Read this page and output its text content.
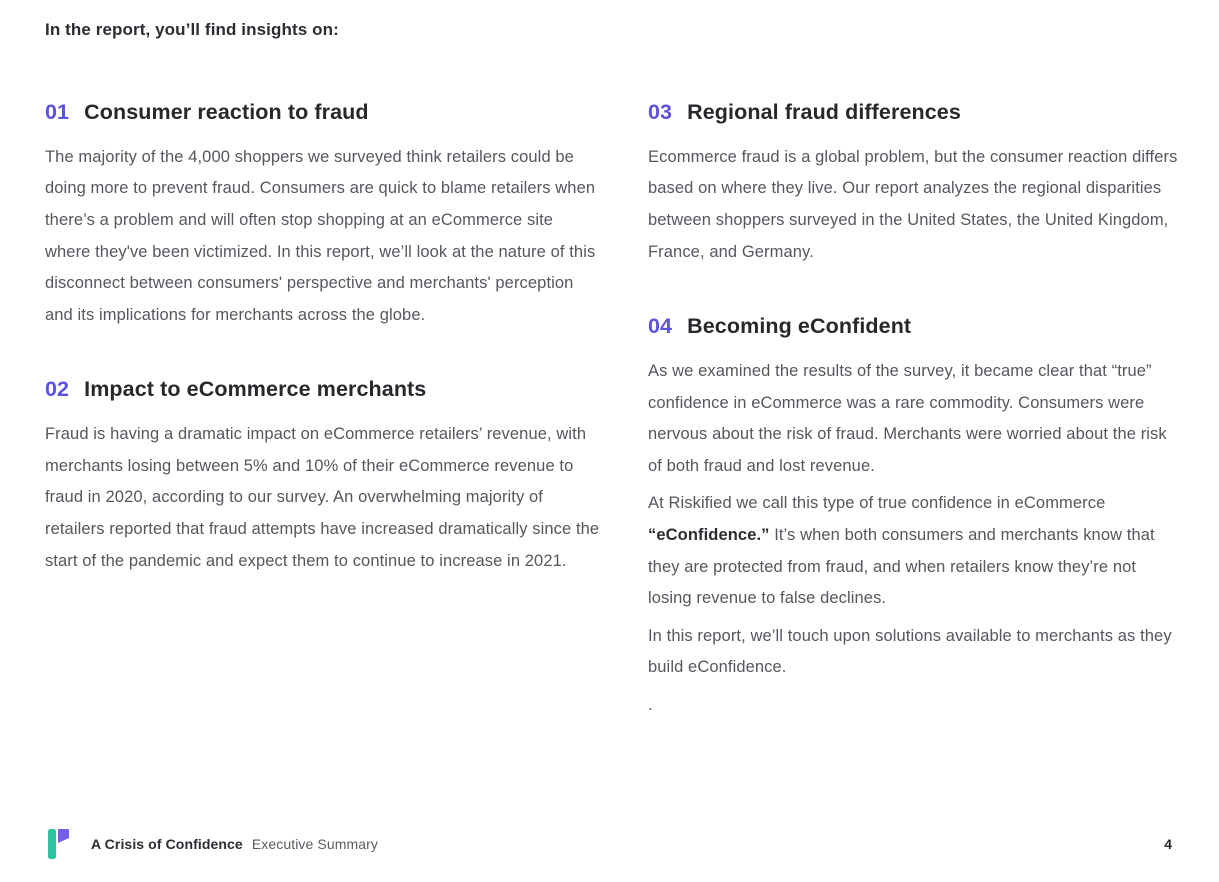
In the report, you’ll find insights on:
01 Consumer reaction to fraud

The majority of the 4,000 shoppers we surveyed think retailers could be doing more to prevent fraud. Consumers are quick to blame retailers when there’s a problem and will often stop shopping at an eCommerce site where they've been victimized. In this report, we’ll look at the nature of this disconnect between consumers' perspective and merchants' perception and its implications for merchants across the globe.

02 Impact to eCommerce merchants

Fraud is having a dramatic impact on eCommerce retailers’ revenue, with merchants losing between 5% and 10% of their eCommerce revenue to fraud in 2020, according to our survey. An overwhelming majority of retailers reported that fraud attempts have increased dramatically since the start of the pandemic and expect them to continue to increase in 2021.

03 Regional fraud differences

Ecommerce fraud is a global problem, but the consumer reaction differs based on where they live. Our report analyzes the regional disparities between shoppers surveyed in the United States, the United Kingdom, France, and Germany.

04 Becoming eConfident

As we examined the results of the survey, it became clear that “true” confidence in eCommerce was a rare commodity. Consumers were nervous about the risk of fraud. Merchants were worried about the risk of both fraud and lost revenue.

At Riskified we call this type of true confidence in eCommerce “eConfidence.” It’s when both consumers and merchants know that they are protected from fraud, and when retailers know they’re not losing revenue to false declines.

In this report, we’ll touch upon solutions available to merchants as they build eConfidence.

.

A Crisis of Confidence Executive Summary	4
